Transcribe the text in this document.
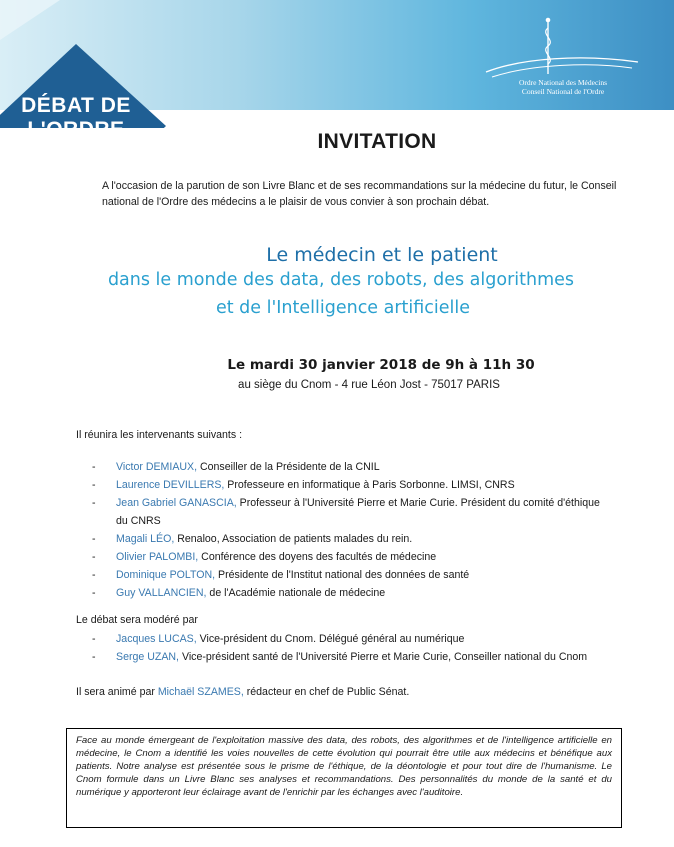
DÉBAT DE
L'ORDRE
Ordre National des Médecins
Conseil National de l'Ordre
INVITATION
A l'occasion de la parution de son Livre Blanc et de ses recommandations sur la médecine du futur, le Conseil national de l'Ordre des médecins a le plaisir de vous convier à son prochain débat.
Le médecin et le patient
dans le monde des data, des robots, des algorithmes
et de l'Intelligence artificielle
Le mardi 30 janvier 2018 de 9h à 11h 30
au siège du Cnom - 4 rue Léon Jost - 75017 PARIS
Il réunira les intervenants suivants :
- Victor DEMIAUX, Conseiller de la Présidente de la CNIL
- Laurence DEVILLERS, Professeure en informatique à Paris Sorbonne. LIMSI, CNRS
- Jean Gabriel GANASCIA, Professeur à l'Université Pierre et Marie Curie. Président du comité d'éthique du CNRS
- Magali LÉO, Renaloo, Association de patients malades du rein.
- Olivier PALOMBI, Conférence des doyens des facultés de médecine
- Dominique POLTON, Présidente de l'Institut national des données de santé
- Guy VALLANCIEN, de l'Académie nationale de médecine
Le débat sera modéré par
- Jacques LUCAS, Vice-président du Cnom. Délégué général au numérique
- Serge UZAN, Vice-président santé de l'Université Pierre et Marie Curie, Conseiller national du Cnom
Il sera animé par Michaël SZAMES, rédacteur en chef de Public Sénat.
Face au monde émergeant de l'exploitation massive des data, des robots, des algorithmes et de l'intelligence artificielle en médecine, le Cnom a identifié les voies nouvelles de cette évolution qui pourrait être utile aux médecins et bénéfique aux patients. Notre analyse est présentée sous le prisme de l'éthique, de la déontologie et pour tout dire de l'humanisme. Le Cnom formule dans un Livre Blanc ses analyses et recommandations. Des personnalités du monde de la santé et du numérique y apporteront leur éclairage avant de l'enrichir par les échanges avec l'auditoire.
